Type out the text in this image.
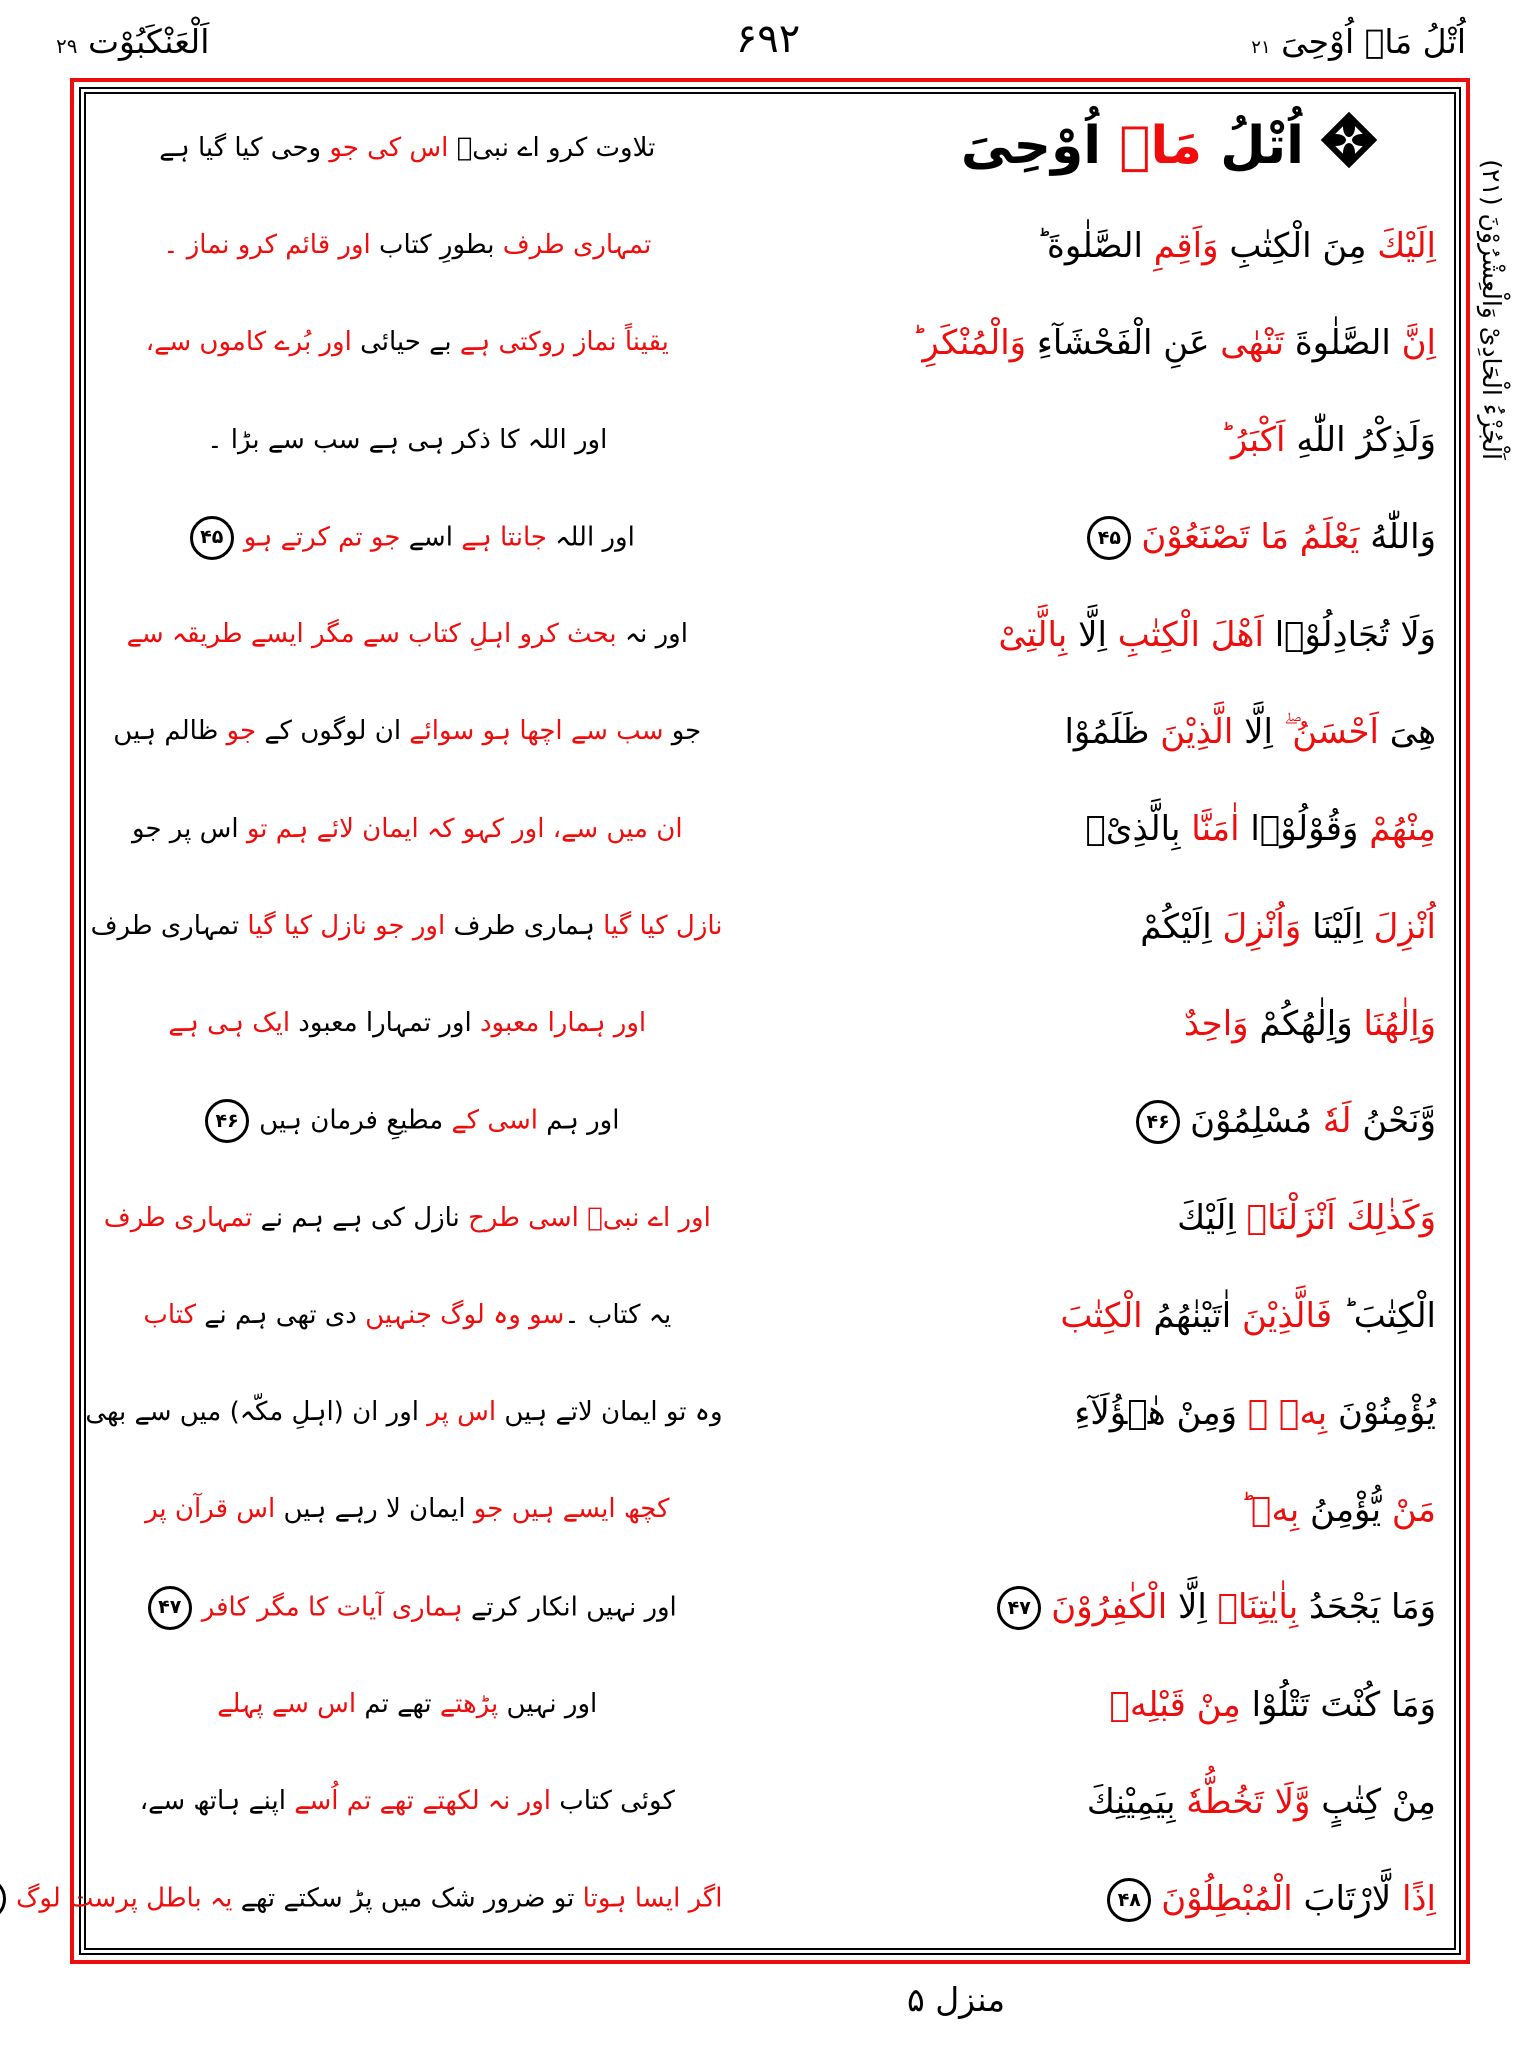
اَلْعَنْكَبُوْت ۲۹	۶۹۲	اُتْلُ مَاۤ اُوْحِیَ ۲۱
اَلْجُزْءُ الْحَادِیْ وَالْعِشْرُوْنَ (۲۱)
اُتْلُ مَاۤ اُوْحِیَ
تلاوت کرو اے نبیؐ اس کی جو وحی کیا گیا ہے
اِلَیْكَ مِنَ الْكِتٰبِ وَاَقِمِ الصَّلٰوةَ ؕ
تمہاری طرف بطورِ کتاب اور قائم کرو نماز ۔
اِنَّ الصَّلٰوةَ تَنْهٰی عَنِ الْفَحْشَآءِ وَالْمُنْكَرِ ؕ
یقیناً نماز روکتی ہے بے حیائی اور بُرے کاموں سے،
وَلَذِكْرُ اللّٰهِ اَكْبَرُ ؕ
اور اللہ کا ذکر ہی ہے سب سے بڑا ۔
وَاللّٰهُ یَعْلَمُ مَا تَصْنَعُوْنَ۴۵
اور اللہ جانتا ہے اسے جو تم کرتے ہو۴۵
وَلَا تُجَادِلُوْۤا اَهْلَ الْكِتٰبِ اِلَّا بِالَّتِیْ
اور نہ بحث کرو اہلِ کتاب سے مگر ایسے طریقہ سے
هِیَ اَحْسَنُ ۖ اِلَّا الَّذِیْنَ ظَلَمُوْا
جو سب سے اچھا ہو سوائے ان لوگوں کے جو ظالم ہیں
مِنْهُمْ وَقُوْلُوْۤا اٰمَنَّا بِالَّذِیْۤ
ان میں سے، اور کہو کہ ایمان لائے ہم تو اس پر جو
اُنْزِلَ اِلَیْنَا وَاُنْزِلَ اِلَیْكُمْ
نازل کیا گیا ہماری طرف اور جو نازل کیا گیا تمہاری طرف
وَاِلٰهُنَا وَاِلٰهُكُمْ وَاحِدٌ
اور ہمارا معبود اور تمہارا معبود ایک ہی ہے
وَّنَحْنُ لَهٗ مُسْلِمُوْنَ۴۶
اور ہم اسی کے مطیعِ فرمان ہیں۴۶
وَكَذٰلِكَ اَنْزَلْنَاۤ اِلَیْكَ
اور اے نبیؐ اسی طرح نازل کی ہے ہم نے تمہاری طرف
الْكِتٰبَ ؕ فَالَّذِیْنَ اٰتَیْنٰهُمُ الْكِتٰبَ
یہ کتاب ۔سو وہ لوگ جنہیں دی تھی ہم نے کتاب
یُؤْمِنُوْنَ بِهٖ ۚ وَمِنْ هٰۤؤُلَآءِ
وہ تو ایمان لاتے ہیں اس پر اور ان (اہلِ مکّہ) میں سے بھی
مَنْ یُّؤْمِنُ بِهٖ ؕ
کچھ ایسے ہیں جو ایمان لا رہے ہیں اس قرآن پر
وَمَا یَجْحَدُ بِاٰیٰتِنَاۤ اِلَّا الْكٰفِرُوْنَ۴۷
اور نہیں انکار کرتے ہماری آیات کا مگر کافر۴۷
وَمَا كُنْتَ تَتْلُوْا مِنْ قَبْلِهٖ
اور نہیں پڑھتے تھے تم اس سے پہلے
مِنْ كِتٰبٍ وَّلَا تَخُطُّهٗ بِیَمِیْنِكَ
کوئی کتاب اور نہ لکھتے تھے تم اُسے اپنے ہاتھ سے،
اِذًا لَّارْتَابَ الْمُبْطِلُوْنَ۴۸
اگر ایسا ہوتا تو ضرور شک میں پڑ سکتے تھے یہ باطل پرست لوگ
منزل ۵
